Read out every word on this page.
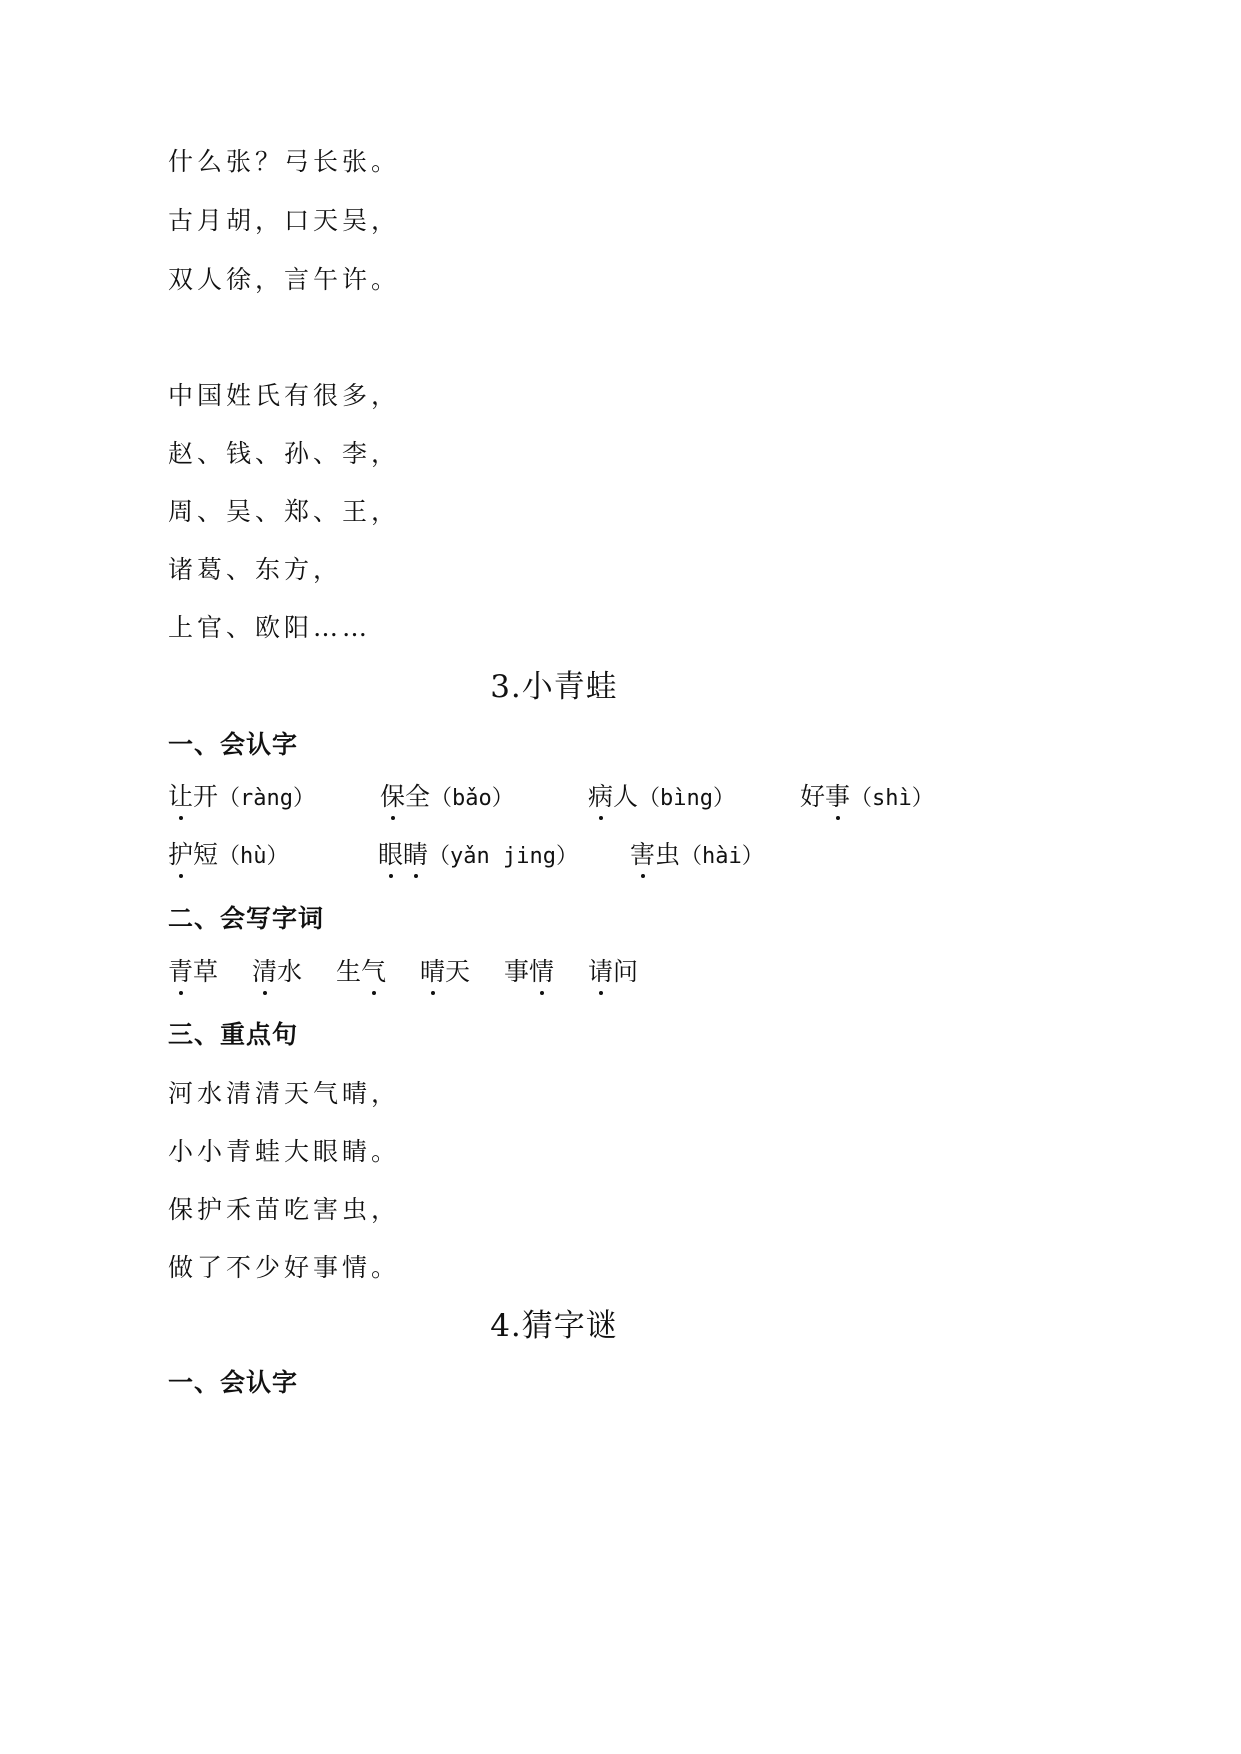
什么张？弓长张。
古月胡，口天吴，
双人徐，言午许。
中国姓氏有很多，
赵、钱、孙、李，
周、吴、郑、王，
诸葛、东方，
上官、欧阳……
3.小青蛙
一、会认字
让开（ràng）	保全（bǎo）	病人（bìng）	好事（shì）
护短（hù）	眼睛（yǎn jing） 害虫（hài）
二、会写字词
青草 清水 生气 晴天 事情 请问
三、重点句
河水清清天气晴，
小小青蛙大眼睛。
保护禾苗吃害虫，
做了不少好事情。
4.猜字谜
一、会认字
